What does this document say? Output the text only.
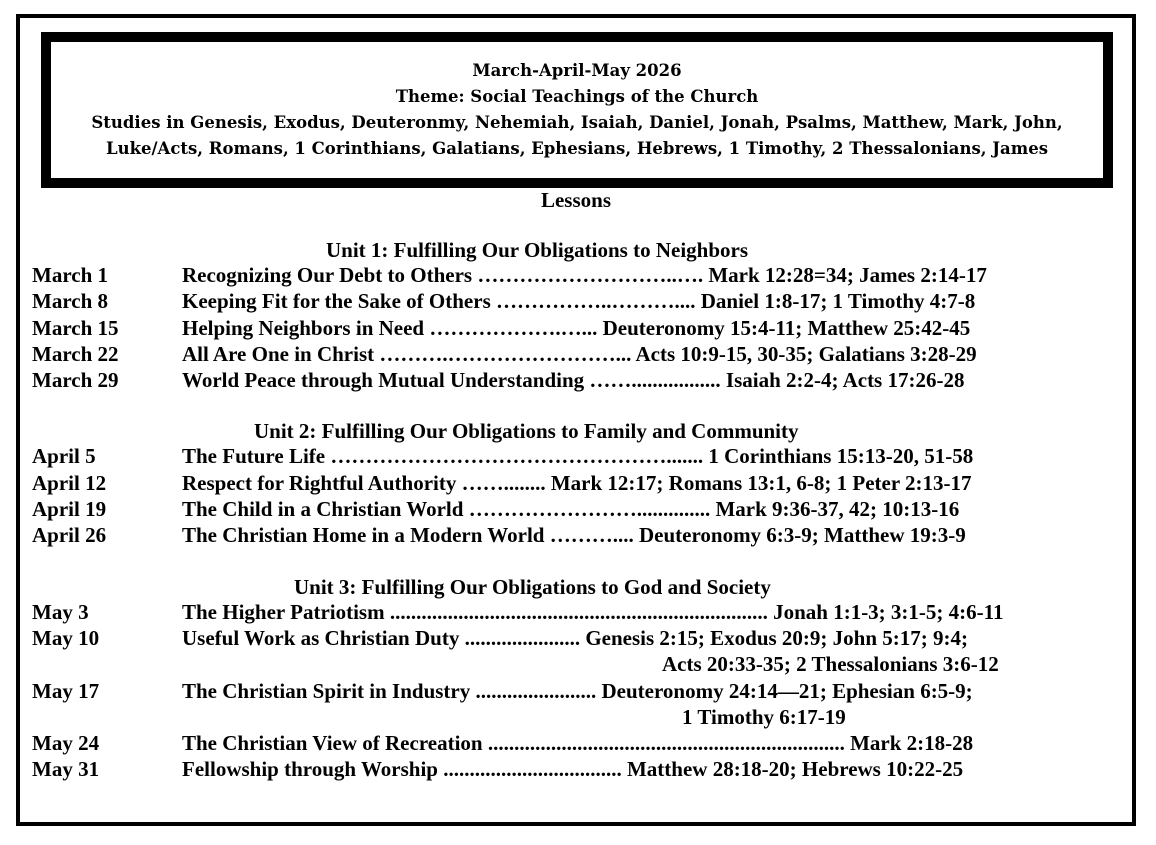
March-April-May 2026
Theme: Social Teachings of the Church
Studies in Genesis, Exodus, Deuteronmy, Nehemiah, Isaiah, Daniel, Jonah, Psalms, Matthew, Mark, John,
Luke/Acts, Romans, 1 Corinthians, Galatians, Ephesians, Hebrews, 1 Timothy, 2 Thessalonians, James
Lessons
Unit 1: Fulfilling Our Obligations to Neighbors
March 1	Recognizing Our Debt to Others ………………………..…. Mark 12:28=34; James 2:14-17
March 8	Keeping Fit for the Sake of Others ……………..……….... Daniel 1:8-17; 1 Timothy 4:7-8
March 15	Helping Neighbors in Need ……………….…... Deuteronomy 15:4-11; Matthew 25:42-45
March 22	All Are One in Christ ……….……………………... Acts 10:9-15, 30-35; Galatians 3:28-29
March 29	World Peace through Mutual Understanding ……................. Isaiah 2:2-4; Acts 17:26-28
Unit 2: Fulfilling Our Obligations to Family and Community
April 5	The Future Life …………………………………………....... 1 Corinthians 15:13-20, 51-58
April 12	Respect for Rightful Authority ……........ Mark 12:17; Romans 13:1, 6-8; 1 Peter 2:13-17
April 19	The Child in a Christian World …………………….............. Mark 9:36-37, 42; 10:13-16
April 26	The Christian Home in a Modern World ……….... Deuteronomy 6:3-9; Matthew 19:3-9
Unit 3: Fulfilling Our Obligations to God and Society
May 3	The Higher Patriotism ........................................................................ Jonah 1:1-3; 3:1-5; 4:6-11
May 10	Useful Work as Christian Duty ...................... Genesis 2:15; Exodus 20:9; John 5:17; 9:4;
Acts 20:33-35; 2 Thessalonians 3:6-12
May 17	The Christian Spirit in Industry ....................... Deuteronomy 24:14—21; Ephesian 6:5-9;
1 Timothy 6:17-19
May 24	The Christian View of Recreation .................................................................... Mark 2:18-28
May 31	Fellowship through Worship .................................. Matthew 28:18-20; Hebrews 10:22-25
